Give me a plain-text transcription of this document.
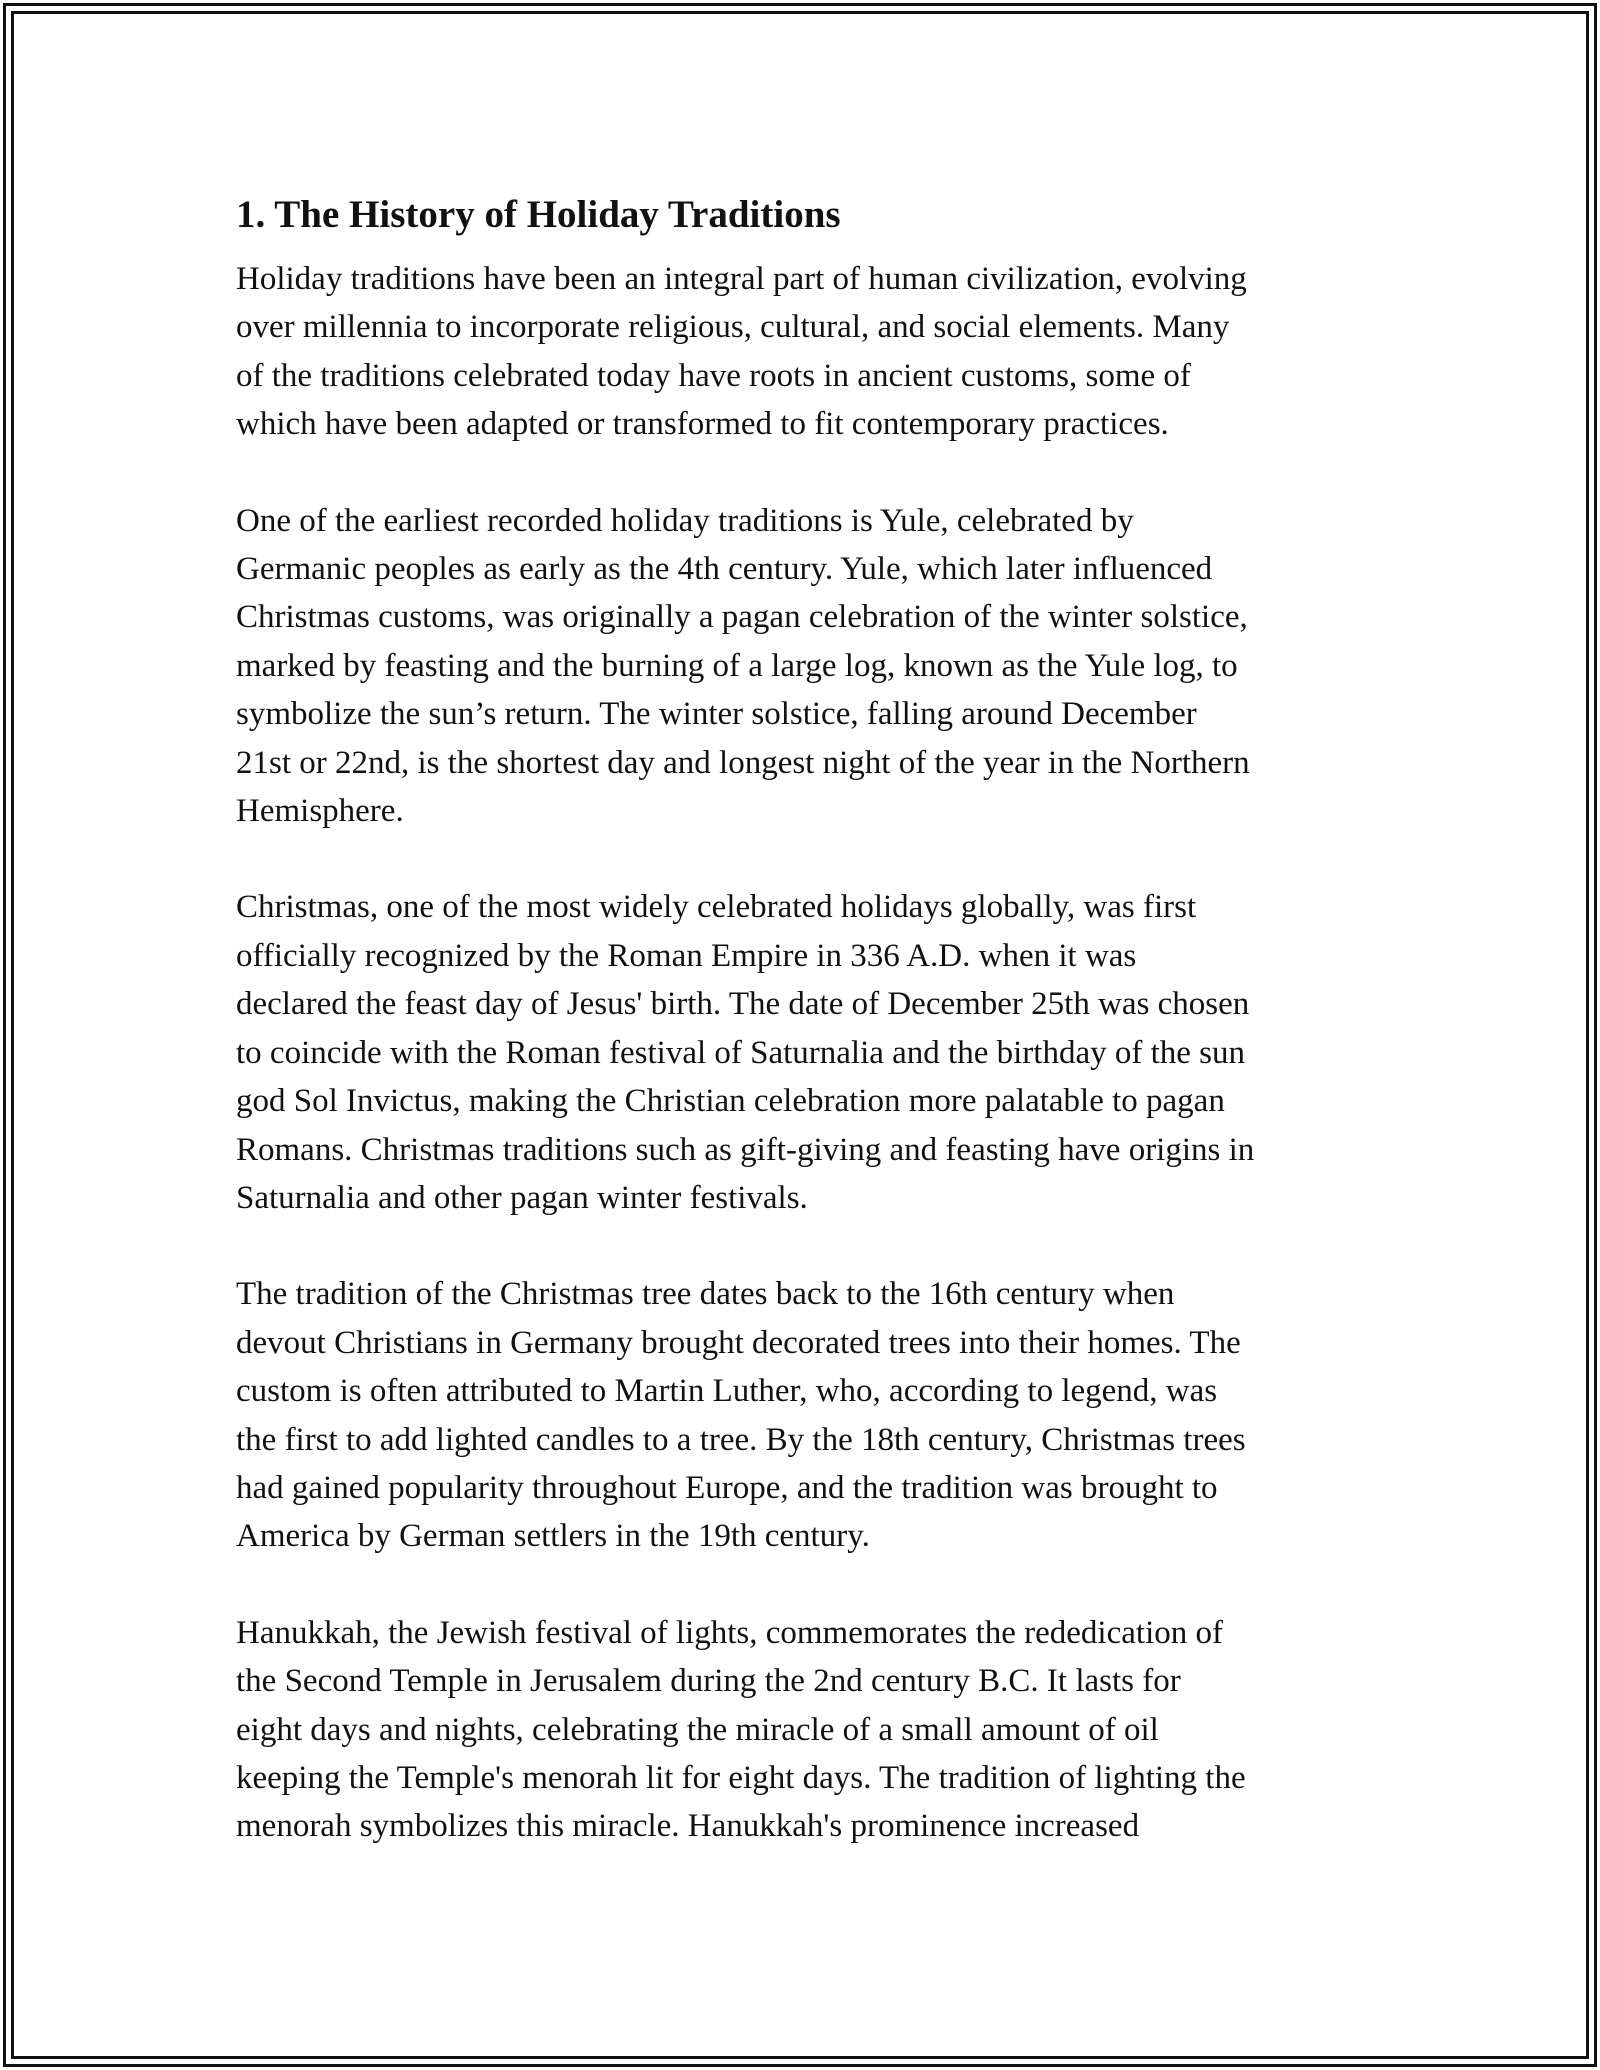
1. The History of Holiday Traditions

Holiday traditions have been an integral part of human civilization, evolving
over millennia to incorporate religious, cultural, and social elements. Many
of the traditions celebrated today have roots in ancient customs, some of
which have been adapted or transformed to fit contemporary practices.

One of the earliest recorded holiday traditions is Yule, celebrated by
Germanic peoples as early as the 4th century. Yule, which later influenced
Christmas customs, was originally a pagan celebration of the winter solstice,
marked by feasting and the burning of a large log, known as the Yule log, to
symbolize the sun’s return. The winter solstice, falling around December
21st or 22nd, is the shortest day and longest night of the year in the Northern
Hemisphere.

Christmas, one of the most widely celebrated holidays globally, was first
officially recognized by the Roman Empire in 336 A.D. when it was
declared the feast day of Jesus' birth. The date of December 25th was chosen
to coincide with the Roman festival of Saturnalia and the birthday of the sun
god Sol Invictus, making the Christian celebration more palatable to pagan
Romans. Christmas traditions such as gift-giving and feasting have origins in
Saturnalia and other pagan winter festivals.

The tradition of the Christmas tree dates back to the 16th century when
devout Christians in Germany brought decorated trees into their homes. The
custom is often attributed to Martin Luther, who, according to legend, was
the first to add lighted candles to a tree. By the 18th century, Christmas trees
had gained popularity throughout Europe, and the tradition was brought to
America by German settlers in the 19th century.

Hanukkah, the Jewish festival of lights, commemorates the rededication of
the Second Temple in Jerusalem during the 2nd century B.C. It lasts for
eight days and nights, celebrating the miracle of a small amount of oil
keeping the Temple's menorah lit for eight days. The tradition of lighting the
menorah symbolizes this miracle. Hanukkah's prominence increased
